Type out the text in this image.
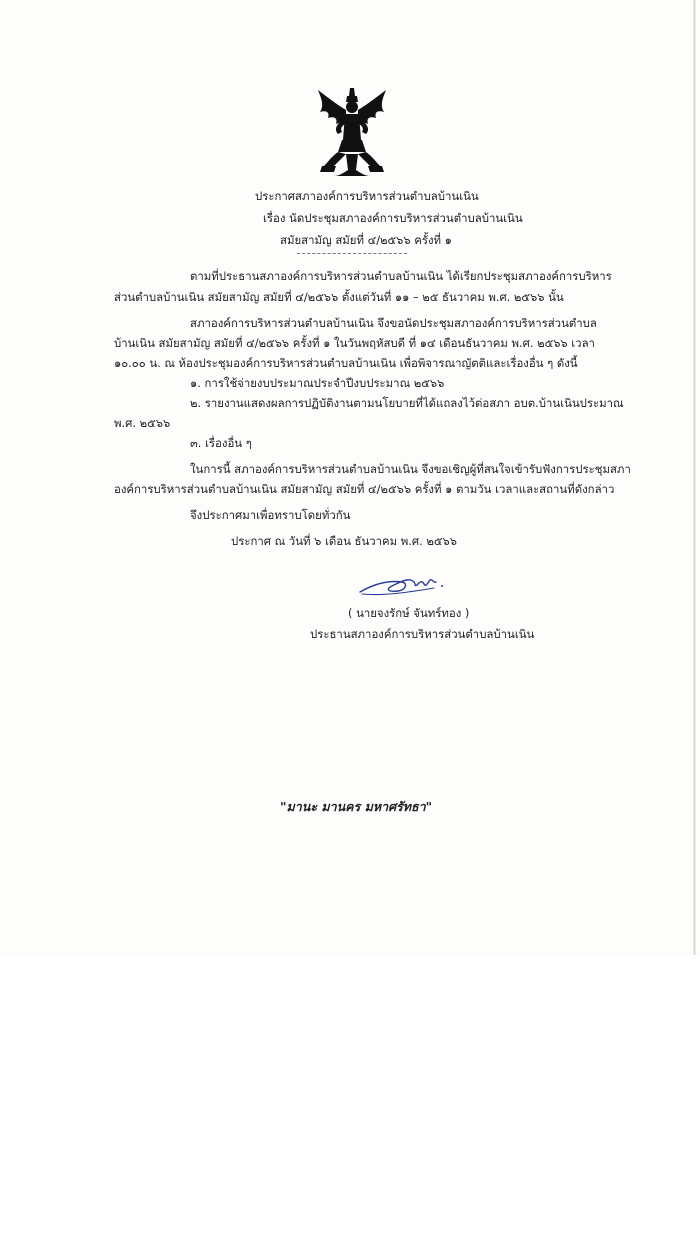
ประกาศสภาองค์การบริหารส่วนตำบลบ้านเนิน
เรื่อง นัดประชุมสภาองค์การบริหารส่วนตำบลบ้านเนิน
สมัยสามัญ สมัยที่ ๔/๒๕๖๖ ครั้งที่ ๑
ตามที่ประธานสภาองค์การบริหารส่วนตำบลบ้านเนิน ได้เรียกประชุมสภาองค์การบริหาร
ส่วนตำบลบ้านเนิน สมัยสามัญ สมัยที่ ๔/๒๕๖๖ ตั้งแต่วันที่ ๑๑ – ๒๕ ธันวาคม พ.ศ. ๒๕๖๖ นั้น
สภาองค์การบริหารส่วนตำบลบ้านเนิน จึงขอนัดประชุมสภาองค์การบริหารส่วนตำบล
บ้านเนิน สมัยสามัญ สมัยที่ ๔/๒๕๖๖ ครั้งที่ ๑ ในวันพฤหัสบดี ที่ ๑๔ เดือนธันวาคม พ.ศ. ๒๕๖๖ เวลา
๑๐.๐๐ น. ณ ห้องประชุมองค์การบริหารส่วนตำบลบ้านเนิน เพื่อพิจารณาญัตติและเรื่องอื่น ๆ ดังนี้
๑. การใช้จ่ายงบประมาณประจำปีงบประมาณ ๒๕๖๖
๒. รายงานแสดงผลการปฏิบัติงานตามนโยบายที่ได้แถลงไว้ต่อสภา อบต.บ้านเนินประมาณ
พ.ศ. ๒๕๖๖
๓. เรื่องอื่น ๆ
ในการนี้ สภาองค์การบริหารส่วนตำบลบ้านเนิน จึงขอเชิญผู้ที่สนใจเข้ารับฟังการประชุมสภา
องค์การบริหารส่วนตำบลบ้านเนิน สมัยสามัญ สมัยที่ ๔/๒๕๖๖ ครั้งที่ ๑ ตามวัน เวลาและสถานที่ดังกล่าว
จึงประกาศมาเพื่อทราบโดยทั่วกัน
ประกาศ ณ วันที่ ๖ เดือน ธันวาคม พ.ศ. ๒๕๖๖
( นายจงรักษ์ จันทร์ทอง )
ประธานสภาองค์การบริหารส่วนตำบลบ้านเนิน
"มานะ มานคร มหาศรัทธา"
